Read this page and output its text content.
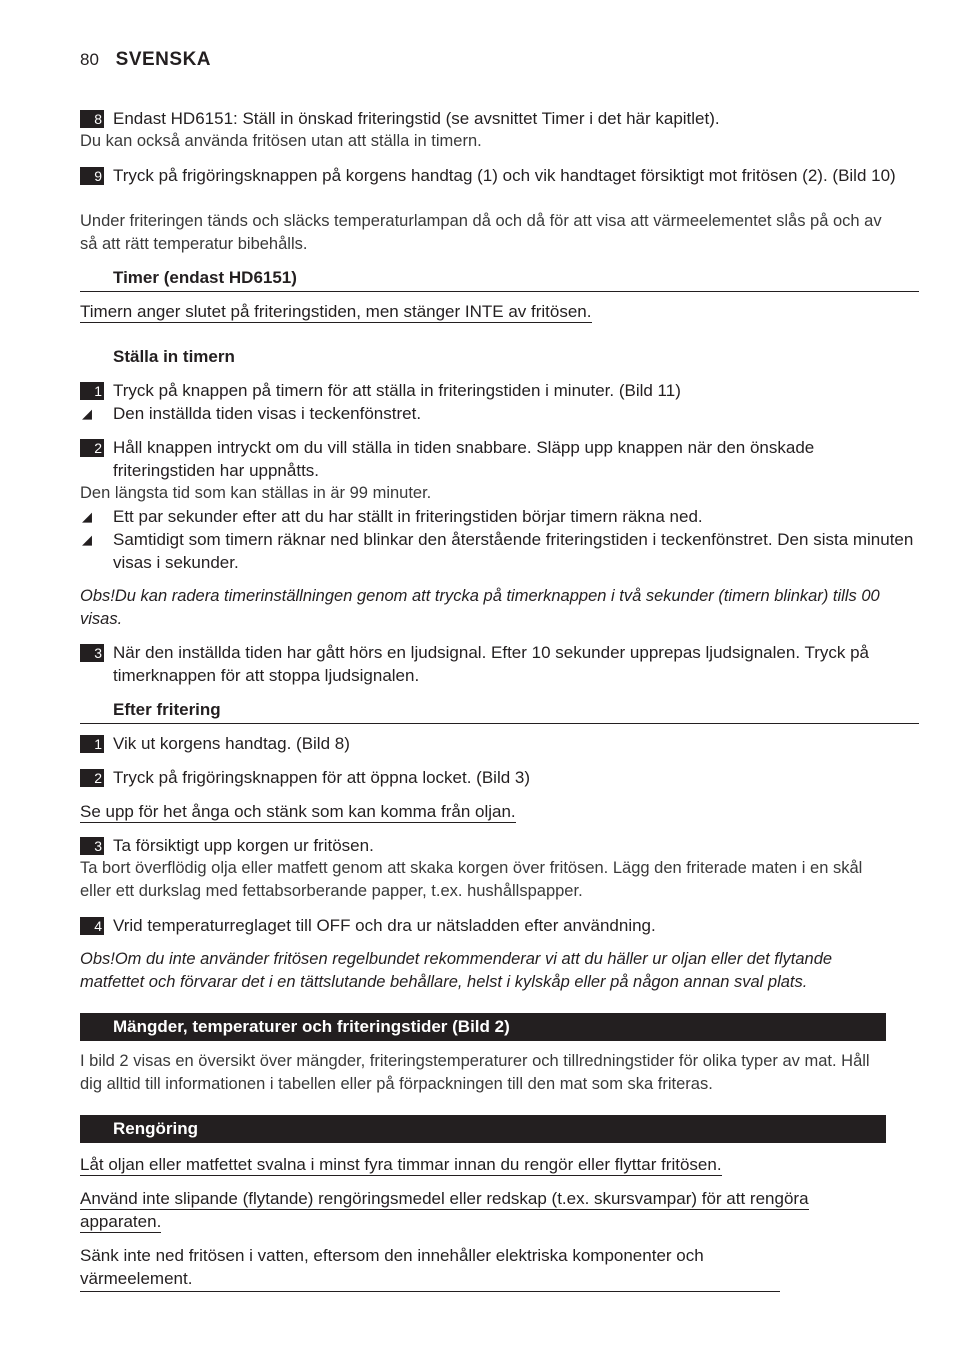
80 SVENSKA
8 Endast HD6151: Ställ in önskad friteringstid (se avsnittet Timer i det här kapitlet).
Du kan också använda fritösen utan att ställa in timern.
9 Tryck på frigöringsknappen på korgens handtag (1) och vik handtaget försiktigt mot fritösen (2). (Bild 10)
Under friteringen tänds och släcks temperaturlampan då och då för att visa att värmeelementet slås på och av så att rätt temperatur bibehålls.
Timer (endast HD6151)
Timern anger slutet på friteringstiden, men stänger INTE av fritösen.
Ställa in timern
1 Tryck på knappen på timern för att ställa in friteringstiden i minuter. (Bild 11)
◢ Den inställda tiden visas i teckenfönstret.
2 Håll knappen intryckt om du vill ställa in tiden snabbare. Släpp upp knappen när den önskade friteringstiden har uppnåtts.
Den längsta tid som kan ställas in är 99 minuter.
◢ Ett par sekunder efter att du har ställt in friteringstiden börjar timern räkna ned.
◢ Samtidigt som timern räknar ned blinkar den återstående friteringstiden i teckenfönstret. Den sista minuten visas i sekunder.
Obs!Du kan radera timerinställningen genom att trycka på timerknappen i två sekunder (timern blinkar) tills 00 visas.
3 När den inställda tiden har gått hörs en ljudsignal. Efter 10 sekunder upprepas ljudsignalen. Tryck på timerknappen för att stoppa ljudsignalen.
Efter fritering
1 Vik ut korgens handtag. (Bild 8)
2 Tryck på frigöringsknappen för att öppna locket. (Bild 3)
Se upp för het ånga och stänk som kan komma från oljan.
3 Ta försiktigt upp korgen ur fritösen.
Ta bort överflödig olja eller matfett genom att skaka korgen över fritösen. Lägg den friterade maten i en skål eller ett durkslag med fettabsorberande papper, t.ex. hushållspapper.
4 Vrid temperaturreglaget till OFF och dra ur nätsladden efter användning.
Obs!Om du inte använder fritösen regelbundet rekommenderar vi att du häller ur oljan eller det flytande matfettet och förvarar det i en tättslutande behållare, helst i kylskåp eller på någon annan sval plats.
Mängder, temperaturer och friteringstider (Bild 2)
I bild 2 visas en översikt över mängder, friteringstemperaturer och tillredningstider för olika typer av mat. Håll dig alltid till informationen i tabellen eller på förpackningen till den mat som ska friteras.
Rengöring
Låt oljan eller matfettet svalna i minst fyra timmar innan du rengör eller flyttar fritösen.
Använd inte slipande (flytande) rengöringsmedel eller redskap (t.ex. skursvampar) för att rengöra apparaten.
Sänk inte ned fritösen i vatten, eftersom den innehåller elektriska komponenter och värmeelement.
